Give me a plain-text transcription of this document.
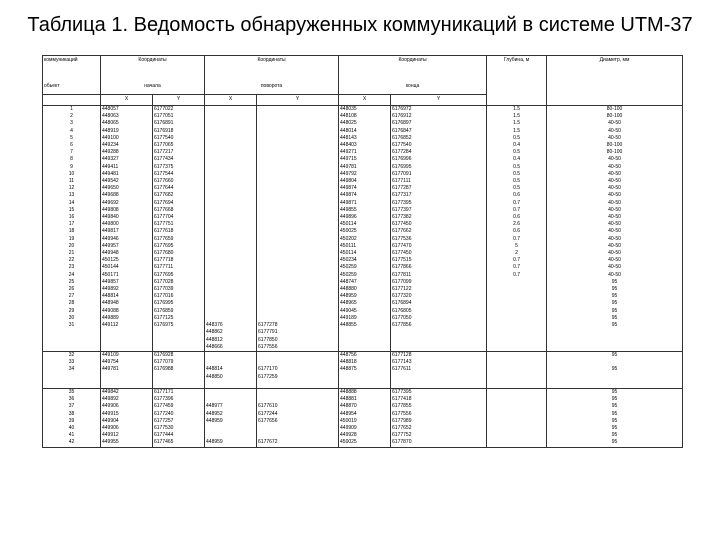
Таблица 1. Ведомость обнаруженных коммуникаций в системе UTM-37
коммуникаций	Координаты		Координаты		Координаты		Глубина, м	Диаметр, мм
обьект	начала		поворота		конца			
	X	Y	X	Y	X	Y		
1	448057	6177022			448035	6176972	1.5	80-100
2	448063	6177051			448108	6176912	1.5	80-100
3	448065	6176891			448025	6176897	1.5	40-50
4	448919	6176918			448014	6176847	1.5	40-50
5	449100	6177540			448143	6176852	0.5	40-50
6	449234	6177065			448403	6177540	0.4	80-100
7	449288	6177217			449271	6177284	0.5	80-100
8	449327	6177434			449715	6176996	0.4	40-50
9	449411	6177375			449781	6176995	0.5	40-50
10	449481	6177544			449792	6177091	0.5	40-50
11	449542	6177660			449804	6177111	0.5	40-50
12	449650	6177644			449874	6177287	0.5	40-50
13	449688	6177682			449874	6177317	0.6	40-50
14	449692	6177694			449871	6177395	0.7	40-50
15	449808	6177668			449855	6177397	0.7	40-50
16	449840	6177704			449896	6177382	0.6	40-50
17	449800	6177751			450114	6177450	2.6	40-50
18	449817	6177618			450025	6177662	0.6	40-50
19	449946	6177659			450202	6177536	0.7	40-50
20	449957	6177695			450111	6177470	5	40-50
21	449948	6177680			450114	6177450	2	40-50
22	450125	6177718			450234	6177515	0.7	40-50
23	450144	6177711			450259	6177866	0.7	40-50
24	450171	6177695			450259	6177811	0.7	40-50
25	449857	6177028			448747	6177099		95
26	449892	6177039			448880	6177122		95
27	448814	6177016			448959	6177320		95
28	448948	6176995			448965	6176894		95
29	449088	6176859			449045	6176805		95
30	449889	6177125			449189	6177050		95
31	449112	6176975	448376	6177278	448855	6177856		95
			448862	6177791				
			448812	6177850				
			448666	6177556				
32	449109	6176928			448756	6177128		95
33	449754	6177079			448818	6177143		
34	449781	6176988	448814	6177170	448875	6177611		95
			448850	6177259				

35	449842	6177171			448888	6177395		95
36	449892	6177396			448881	6177418		95
37	449906	6177459	448977	6177610	448870	6177855		95
38	449915	6177240	448952	6177244	448954	6177556		95
39	449904	6177257	448959	6177656	450019	6177989		95
40	449906	6177530			449909	6177652		95
41	449912	6177444			449928	6177752		95
42	449955	6177465	448959	6177672	450025	6177870		95
